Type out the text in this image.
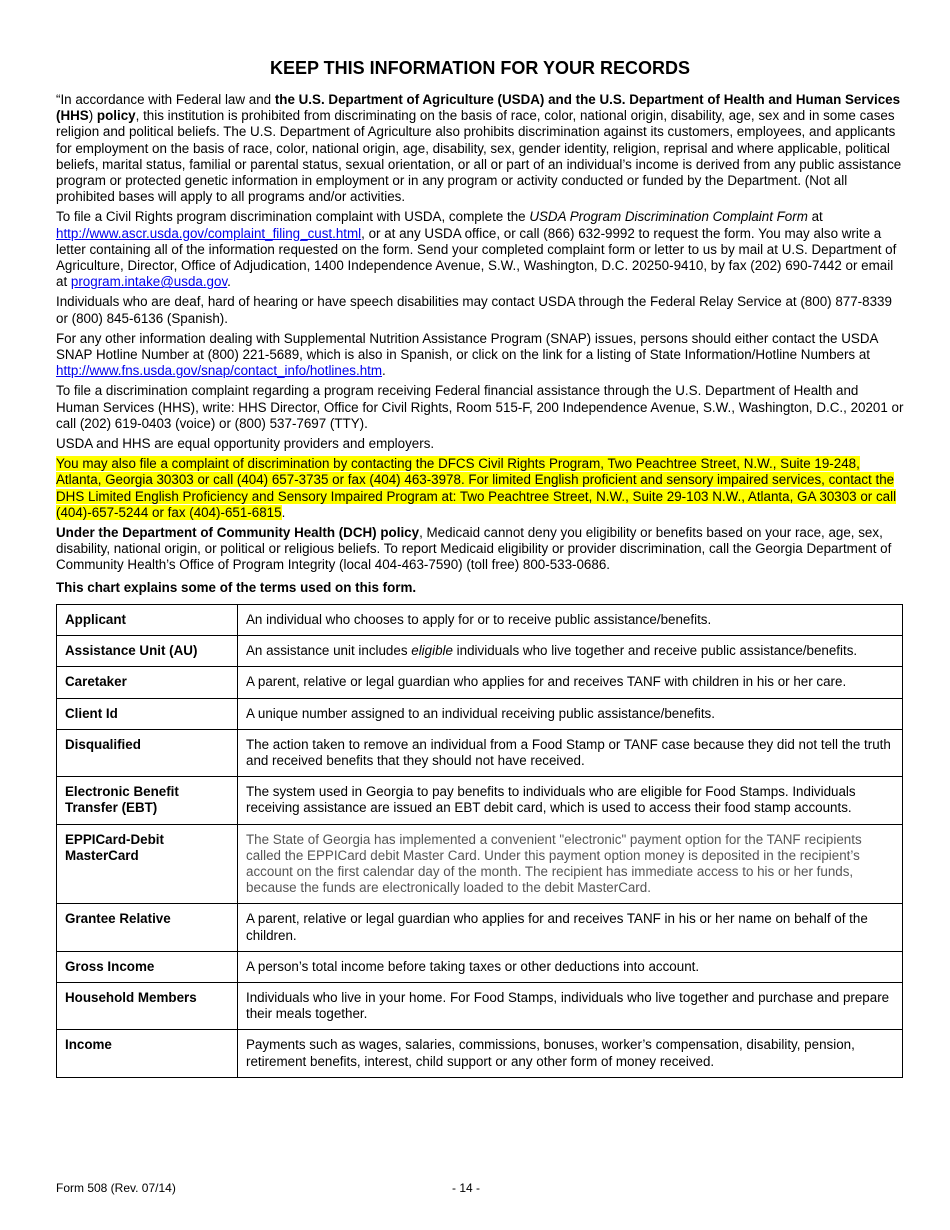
KEEP THIS INFORMATION FOR YOUR RECORDS

“In accordance with Federal law and the U.S. Department of Agriculture (USDA) and the U.S. Department of Health and Human Services (HHS) policy, this institution is prohibited from discriminating on the basis of race, color, national origin, disability, age, sex and in some cases religion and political beliefs. The U.S. Department of Agriculture also prohibits discrimination against its customers, employees, and applicants for employment on the basis of race, color, national origin, age, disability, sex, gender identity, religion, reprisal and where applicable, political beliefs, marital status, familial or parental status, sexual orientation, or all or part of an individual’s income is derived from any public assistance program or protected genetic information in employment or in any program or activity conducted or funded by the Department. (Not all prohibited bases will apply to all programs and/or activities.

To file a Civil Rights program discrimination complaint with USDA, complete the USDA Program Discrimination Complaint Form at http://www.ascr.usda.gov/complaint_filing_cust.html, or at any USDA office, or call (866) 632-9992 to request the form. You may also write a letter containing all of the information requested on the form. Send your completed complaint form or letter to us by mail at U.S. Department of Agriculture, Director, Office of Adjudication, 1400 Independence Avenue, S.W., Washington, D.C. 20250-9410, by fax (202) 690-7442 or email at program.intake@usda.gov.

Individuals who are deaf, hard of hearing or have speech disabilities may contact USDA through the Federal Relay Service at (800) 877-8339 or (800) 845-6136 (Spanish).

For any other information dealing with Supplemental Nutrition Assistance Program (SNAP) issues, persons should either contact the USDA SNAP Hotline Number at (800) 221-5689, which is also in Spanish, or click on the link for a listing of State Information/Hotline Numbers at http://www.fns.usda.gov/snap/contact_info/hotlines.htm.

To file a discrimination complaint regarding a program receiving Federal financial assistance through the U.S. Department of Health and Human Services (HHS), write: HHS Director, Office for Civil Rights, Room 515-F, 200 Independence Avenue, S.W., Washington, D.C., 20201 or call (202) 619-0403 (voice) or (800) 537-7697 (TTY).

USDA and HHS are equal opportunity providers and employers.

You may also file a complaint of discrimination by contacting the DFCS Civil Rights Program, Two Peachtree Street, N.W., Suite 19-248, Atlanta, Georgia 30303 or call (404) 657-3735 or fax (404) 463-3978. For limited English proficient and sensory impaired services, contact the DHS Limited English Proficiency and Sensory Impaired Program at: Two Peachtree Street, N.W., Suite 29-103 N.W., Atlanta, GA 30303 or call (404)-657-5244 or fax (404)-651-6815.

Under the Department of Community Health (DCH) policy, Medicaid cannot deny you eligibility or benefits based on your race, age, sex, disability, national origin, or political or religious beliefs. To report Medicaid eligibility or provider discrimination, call the Georgia Department of Community Health’s Office of Program Integrity (local 404-463-7590) (toll free) 800-533-0686.

This chart explains some of the terms used on this form.

Applicant	An individual who chooses to apply for or to receive public assistance/benefits.
Assistance Unit (AU)	An assistance unit includes eligible individuals who live together and receive public assistance/benefits.
Caretaker	A parent, relative or legal guardian who applies for and receives TANF with children in his or her care.
Client Id	A unique number assigned to an individual receiving public assistance/benefits.
Disqualified	The action taken to remove an individual from a Food Stamp or TANF case because they did not tell the truth and received benefits that they should not have received.
Electronic Benefit Transfer (EBT)	The system used in Georgia to pay benefits to individuals who are eligible for Food Stamps. Individuals receiving assistance are issued an EBT debit card, which is used to access their food stamp accounts.
EPPICard-Debit MasterCard	The State of Georgia has implemented a convenient "electronic" payment option for the TANF recipients called the EPPICard debit Master Card. Under this payment option money is deposited in the recipient’s account on the first calendar day of the month. The recipient has immediate access to his or her funds, because the funds are electronically loaded to the debit MasterCard.
Grantee Relative	A parent, relative or legal guardian who applies for and receives TANF in his or her name on behalf of the children.
Gross Income	A person’s total income before taking taxes or other deductions into account.
Household Members	Individuals who live in your home. For Food Stamps, individuals who live together and purchase and prepare their meals together.
Income	Payments such as wages, salaries, commissions, bonuses, worker’s compensation, disability, pension, retirement benefits, interest, child support or any other form of money received.
Form 508 (Rev. 07/14)	- 14 -
